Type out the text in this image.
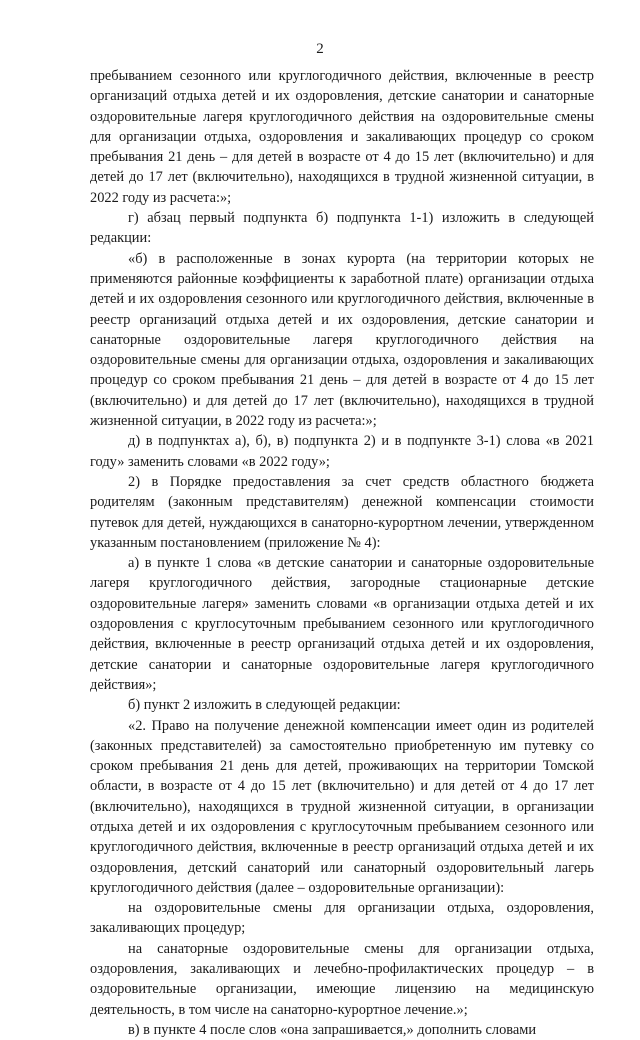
2

пребыванием сезонного или круглогодичного действия, включенные в реестр организаций отдыха детей и их оздоровления, детские санатории и санаторные оздоровительные лагеря круглогодичного действия на оздоровительные смены для организации отдыха, оздоровления и закаливающих процедур со сроком пребывания 21 день – для детей в возрасте от 4 до 15 лет (включительно) и для детей до 17 лет (включительно), находящихся в трудной жизненной ситуации, в 2022 году из расчета:»;

г) абзац первый подпункта б) подпункта 1-1) изложить в следующей редакции:

«б) в расположенные в зонах курорта (на территории которых не применяются районные коэффициенты к заработной плате) организации отдыха детей и их оздоровления сезонного или круглогодичного действия, включенные в реестр организаций отдыха детей и их оздоровления, детские санатории и санаторные оздоровительные лагеря круглогодичного действия на оздоровительные смены для организации отдыха, оздоровления и закаливающих процедур со сроком пребывания 21 день – для детей в возрасте от 4 до 15 лет (включительно) и для детей до 17 лет (включительно), находящихся в трудной жизненной ситуации, в 2022 году из расчета:»;

д) в подпунктах а), б), в) подпункта 2) и в подпункте 3-1) слова «в 2021 году» заменить словами «в 2022 году»;

2) в Порядке предоставления за счет средств областного бюджета родителям (законным представителям) денежной компенсации стоимости путевок для детей, нуждающихся в санаторно-курортном лечении, утвержденном указанным постановлением (приложение № 4):

а) в пункте 1 слова «в детские санатории и санаторные оздоровительные лагеря круглогодичного действия, загородные стационарные детские оздоровительные лагеря» заменить словами «в организации отдыха детей и их оздоровления с круглосуточным пребыванием сезонного или круглогодичного действия, включенные в реестр организаций отдыха детей и их оздоровления, детские санатории и санаторные оздоровительные лагеря круглогодичного действия»;

б) пункт 2 изложить в следующей редакции:

«2. Право на получение денежной компенсации имеет один из родителей (законных представителей) за самостоятельно приобретенную им путевку со сроком пребывания 21 день для детей, проживающих на территории Томской области, в возрасте от 4 до 15 лет (включительно) и для детей от 4 до 17 лет (включительно), находящихся в трудной жизненной ситуации, в организации отдыха детей и их оздоровления с круглосуточным пребыванием сезонного или круглогодичного действия, включенные в реестр организаций отдыха детей и их оздоровления, детский санаторий или санаторный оздоровительный лагерь круглогодичного действия (далее – оздоровительные организации):

на оздоровительные смены для организации отдыха, оздоровления, закаливающих процедур;

на санаторные оздоровительные смены для организации отдыха, оздоровления, закаливающих и лечебно-профилактических процедур – в оздоровительные организации, имеющие лицензию на медицинскую деятельность, в том числе на санаторно-курортное лечение.»;

в) в пункте 4 после слов «она запрашивается,» дополнить словами
